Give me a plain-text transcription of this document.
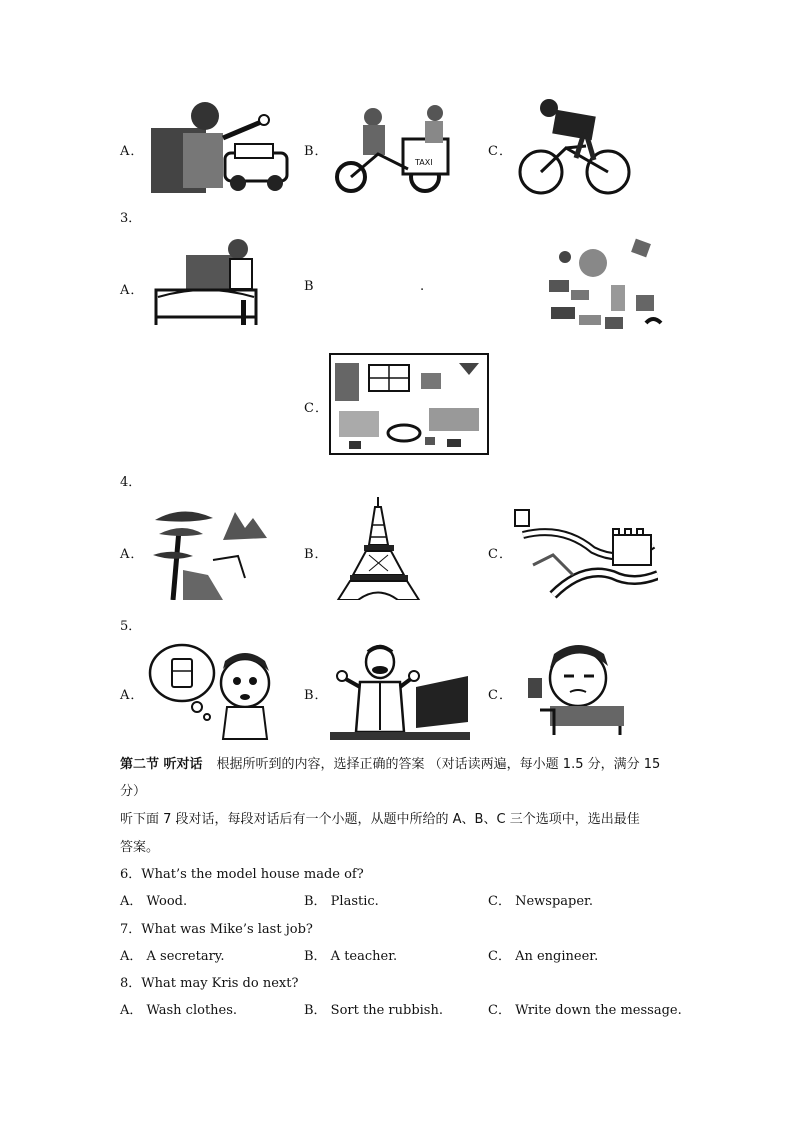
A．	B．
TAXI
C．
3．
A．	B	.
C．
4．
A．	B．	C．
5．
A．	B．	C．
第二节 听对话 根据所听到的内容，选择正确的答案 （对话读两遍，每小题 1.5 分，满分 15
分）
听下面 7 段对话，每段对话后有一个小题，从题中所给的 A、B、C 三个选项中，选出最佳
答案。
6．What’s the model house made of?
A． Wood.	B． Plastic.	C． Newspaper.
7．What was Mike’s last job?
A． A secretary.	B． A teacher.	C． An engineer.
8．What may Kris do next?
A． Wash clothes.	B． Sort the rubbish.	C． Write down the message.
